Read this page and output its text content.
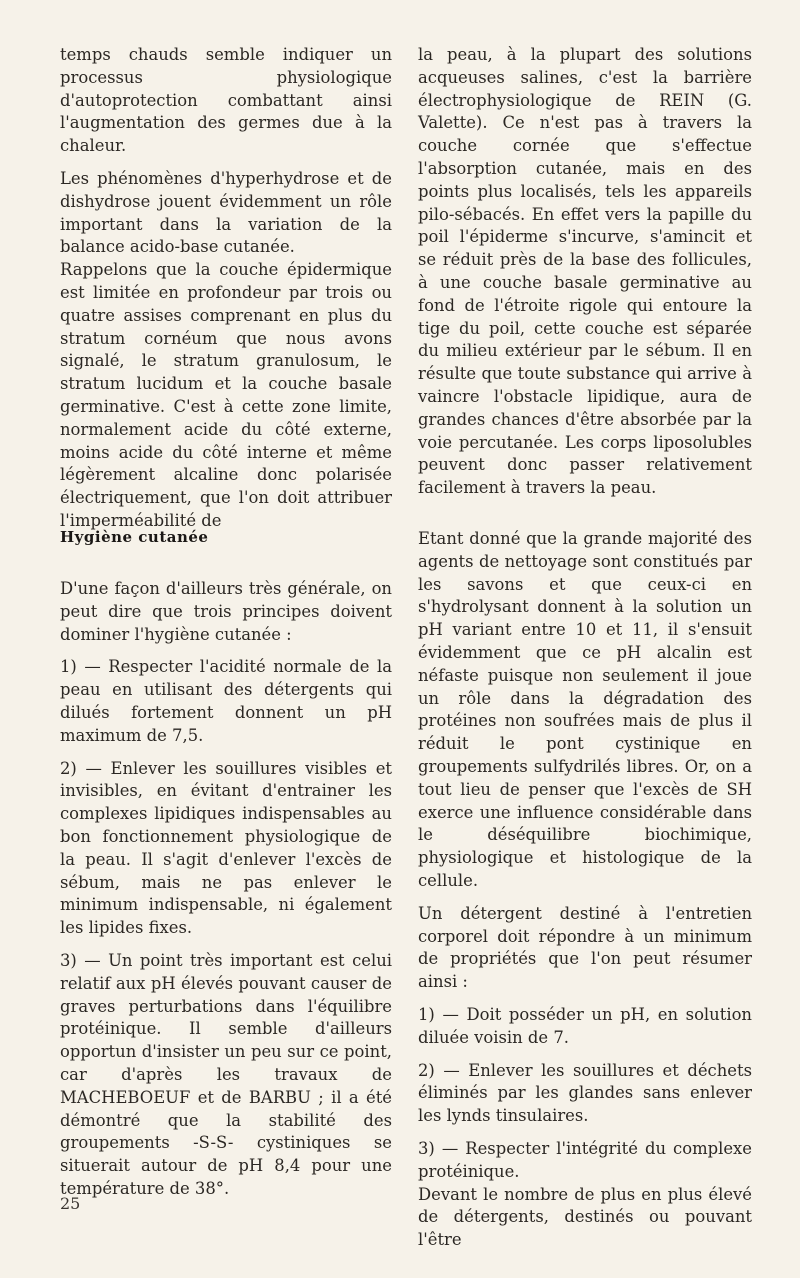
temps chauds semble indiquer un processus physiologique d'autoprotection combattant ainsi l'augmentation des germes due à la chaleur.

Les phénomènes d'hyperhydrose et de dishydrose jouent évidemment un rôle important dans la variation de la balance acido-base cutanée.

Rappelons que la couche épidermique est limitée en profondeur par trois ou quatre assises comprenant en plus du stratum cornéum que nous avons signalé, le stratum granulosum, le stratum lucidum et la couche basale germinative. C'est à cette zone limite, normalement acide du côté externe, moins acide du côté interne et même légèrement alcaline donc polarisée électriquement, que l'on doit attribuer l'imperméabilité de

Hygiène cutanée

D'une façon d'ailleurs très générale, on peut dire que trois principes doivent dominer l'hygiène cutanée :

1) — Respecter l'acidité normale de la peau en utilisant des détergents qui dilués fortement donnent un pH maximum de 7,5.

2) — Enlever les souillures visibles et invisibles, en évitant d'entrainer les complexes lipidiques indispensables au bon fonctionnement physiologique de la peau. Il s'agit d'enlever l'excès de sébum, mais ne pas enlever le minimum indispensable, ni également les lipides fixes.

3) — Un point très important est celui relatif aux pH élevés pouvant causer de graves perturbations dans l'équilibre protéinique. Il semble d'ailleurs opportun d'insister un peu sur ce point, car d'après les travaux de MACHEBOEUF et de BARBU ; il a été démontré que la stabilité des groupements -S-S- cystiniques se situerait autour de pH 8,4 pour une température de 38°.

la peau, à la plupart des solutions acqueuses salines, c'est la barrière électrophysiologique de REIN (G. Valette). Ce n'est pas à travers la couche cornée que s'effectue l'absorption cutanée, mais en des points plus localisés, tels les appareils pilo-sébacés. En effet vers la papille du poil l'épiderme s'incurve, s'amincit et se réduit près de la base des follicules, à une couche basale germinative au fond de l'étroite rigole qui entoure la tige du poil, cette couche est séparée du milieu extérieur par le sébum. Il en résulte que toute substance qui arrive à vaincre l'obstacle lipidique, aura de grandes chances d'être absorbée par la voie percutanée. Les corps liposolubles peuvent donc passer relativement facilement à travers la peau.

Etant donné que la grande majorité des agents de nettoyage sont constitués par les savons et que ceux-ci en s'hydrolysant donnent à la solution un pH variant entre 10 et 11, il s'ensuit évidemment que ce pH alcalin est néfaste puisque non seulement il joue un rôle dans la dégradation des protéines non soufrées mais de plus il réduit le pont cystinique en groupements sulfydrilés libres. Or, on a tout lieu de penser que l'excès de SH exerce une influence considérable dans le déséquilibre biochimique, physiologique et histologique de la cellule.

Un détergent destiné à l'entretien corporel doit répondre à un minimum de propriétés que l'on peut résumer ainsi :

1) — Doit posséder un pH, en solution diluée voisin de 7.

2) — Enlever les souillures et déchets éliminés par les glandes sans enlever les lynds tinsulaires.

3) — Respecter l'intégrité du complexe protéinique.

Devant le nombre de plus en plus élevé de détergents, destinés ou pouvant l'être

25
